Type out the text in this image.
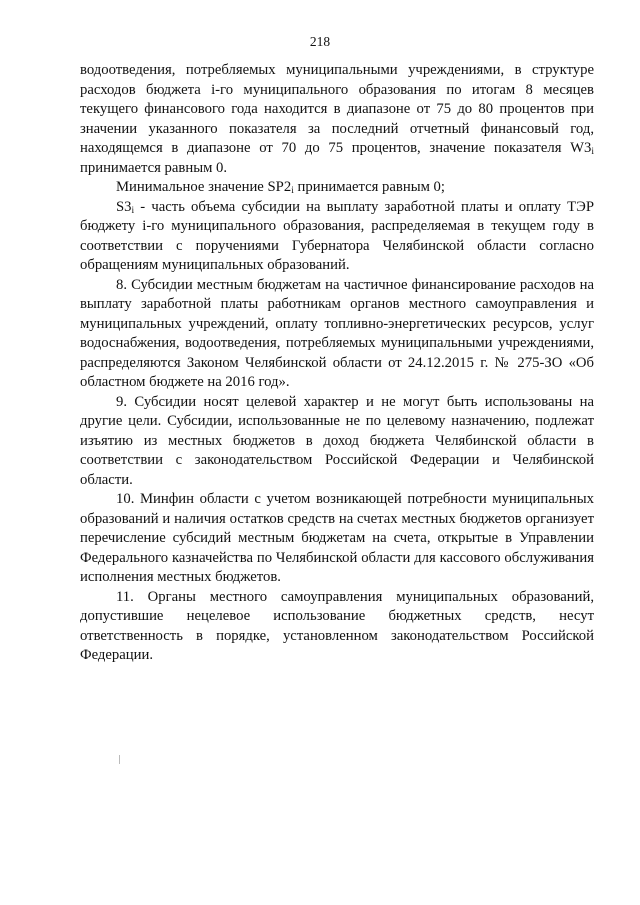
218

водоотведения, потребляемых муниципальными учреждениями, в структуре расходов бюджета i-го муниципального образования по итогам 8 месяцев текущего финансового года находится в диапазоне от 75 до 80 процентов при значении указанного показателя за последний отчетный финансовый год, находящемся в диапазоне от 70 до 75 процентов, значение показателя $W3_i$ принимается равным 0.

Минимальное значение $SP2_i$ принимается равным 0;

$S3_i$ - часть объема субсидии на выплату заработной платы и оплату ТЭР бюджету i-го муниципального образования, распределяемая в текущем году в соответствии с поручениями Губернатора Челябинской области согласно обращениям муниципальных образований.

8. Субсидии местным бюджетам на частичное финансирование расходов на выплату заработной платы работникам органов местного самоуправления и муниципальных учреждений, оплату топливно-энергетических ресурсов, услуг водоснабжения, водоотведения, потребляемых муниципальными учреждениями, распределяются Законом Челябинской области от 24.12.2015 г. № 275-ЗО «Об областном бюджете на 2016 год».

9. Субсидии носят целевой характер и не могут быть использованы на другие цели. Субсидии, использованные не по целевому назначению, подлежат изъятию из местных бюджетов в доход бюджета Челябинской области в соответствии с законодательством Российской Федерации и Челябинской области.

10. Минфин области с учетом возникающей потребности муниципальных образований и наличия остатков средств на счетах местных бюджетов организует перечисление субсидий местным бюджетам на счета, открытые в Управлении Федерального казначейства по Челябинской области для кассового обслуживания исполнения местных бюджетов.

11. Органы местного самоуправления муниципальных образований, допустившие нецелевое использование бюджетных средств, несут ответственность в порядке, установленном законодательством Российской Федерации.
